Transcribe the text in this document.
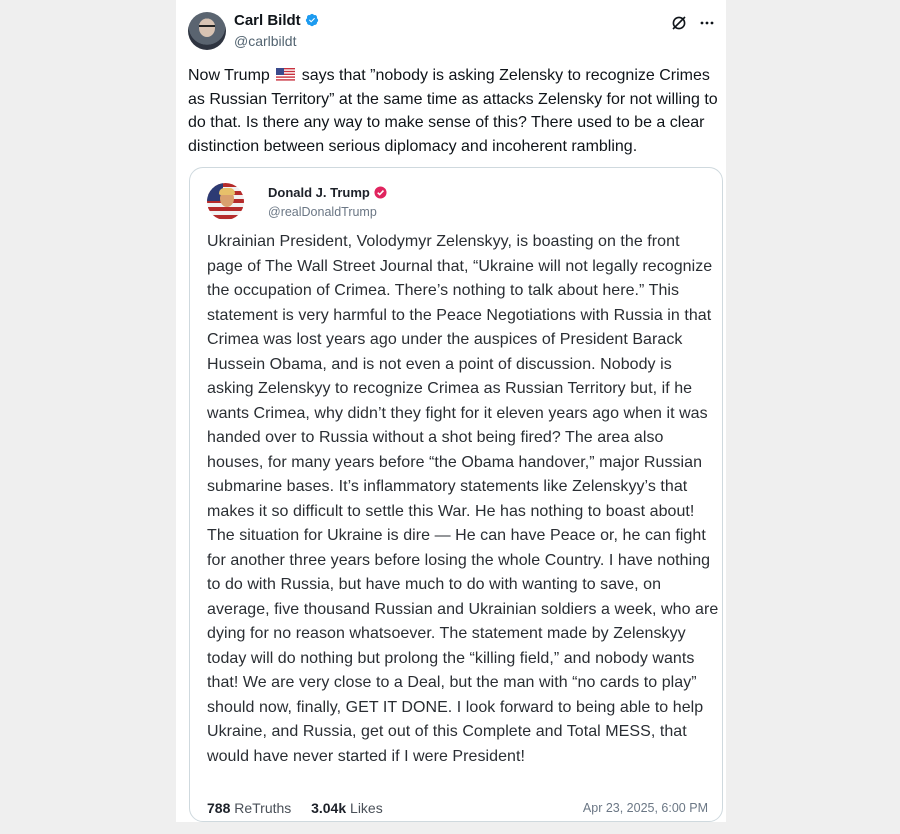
Carl Bildt
@carlbildt
Now Trump says that ”nobody is asking Zelensky to recognize Crimes as Russian Territory” at the same time as attacks Zelensky for not willing to do that. Is there any way to make sense of this? There used to be a clear distinction between serious diplomacy and incoherent rambling.
Donald J. Trump
@realDonaldTrump
Ukrainian President, Volodymyr Zelenskyy, is boasting on the front page of The Wall Street Journal that, “Ukraine will not legally recognize the occupation of Crimea. There’s nothing to talk about here.” This statement is very harmful to the Peace Negotiations with Russia in that Crimea was lost years ago under the auspices of President Barack Hussein Obama, and is not even a point of discussion. Nobody is asking Zelenskyy to recognize Crimea as Russian Territory but, if he wants Crimea, why didn’t they fight for it eleven years ago when it was handed over to Russia without a shot being fired? The area also houses, for many years before “the Obama handover,” major Russian submarine bases. It’s inflammatory statements like Zelenskyy’s that makes it so difficult to settle this War. He has nothing to boast about! The situation for Ukraine is dire — He can have Peace or, he can fight for another three years before losing the whole Country. I have nothing to do with Russia, but have much to do with wanting to save, on average, five thousand Russian and Ukrainian soldiers a week, who are dying for no reason whatsoever. The statement made by Zelenskyy today will do nothing but prolong the “killing field,” and nobody wants that! We are very close to a Deal, but the man with “no cards to play” should now, finally, GET IT DONE. I look forward to being able to help Ukraine, and Russia, get out of this Complete and Total MESS, that would have never started if I were President!
788 ReTruths 3.04k Likes	Apr 23, 2025, 6:00 PM
